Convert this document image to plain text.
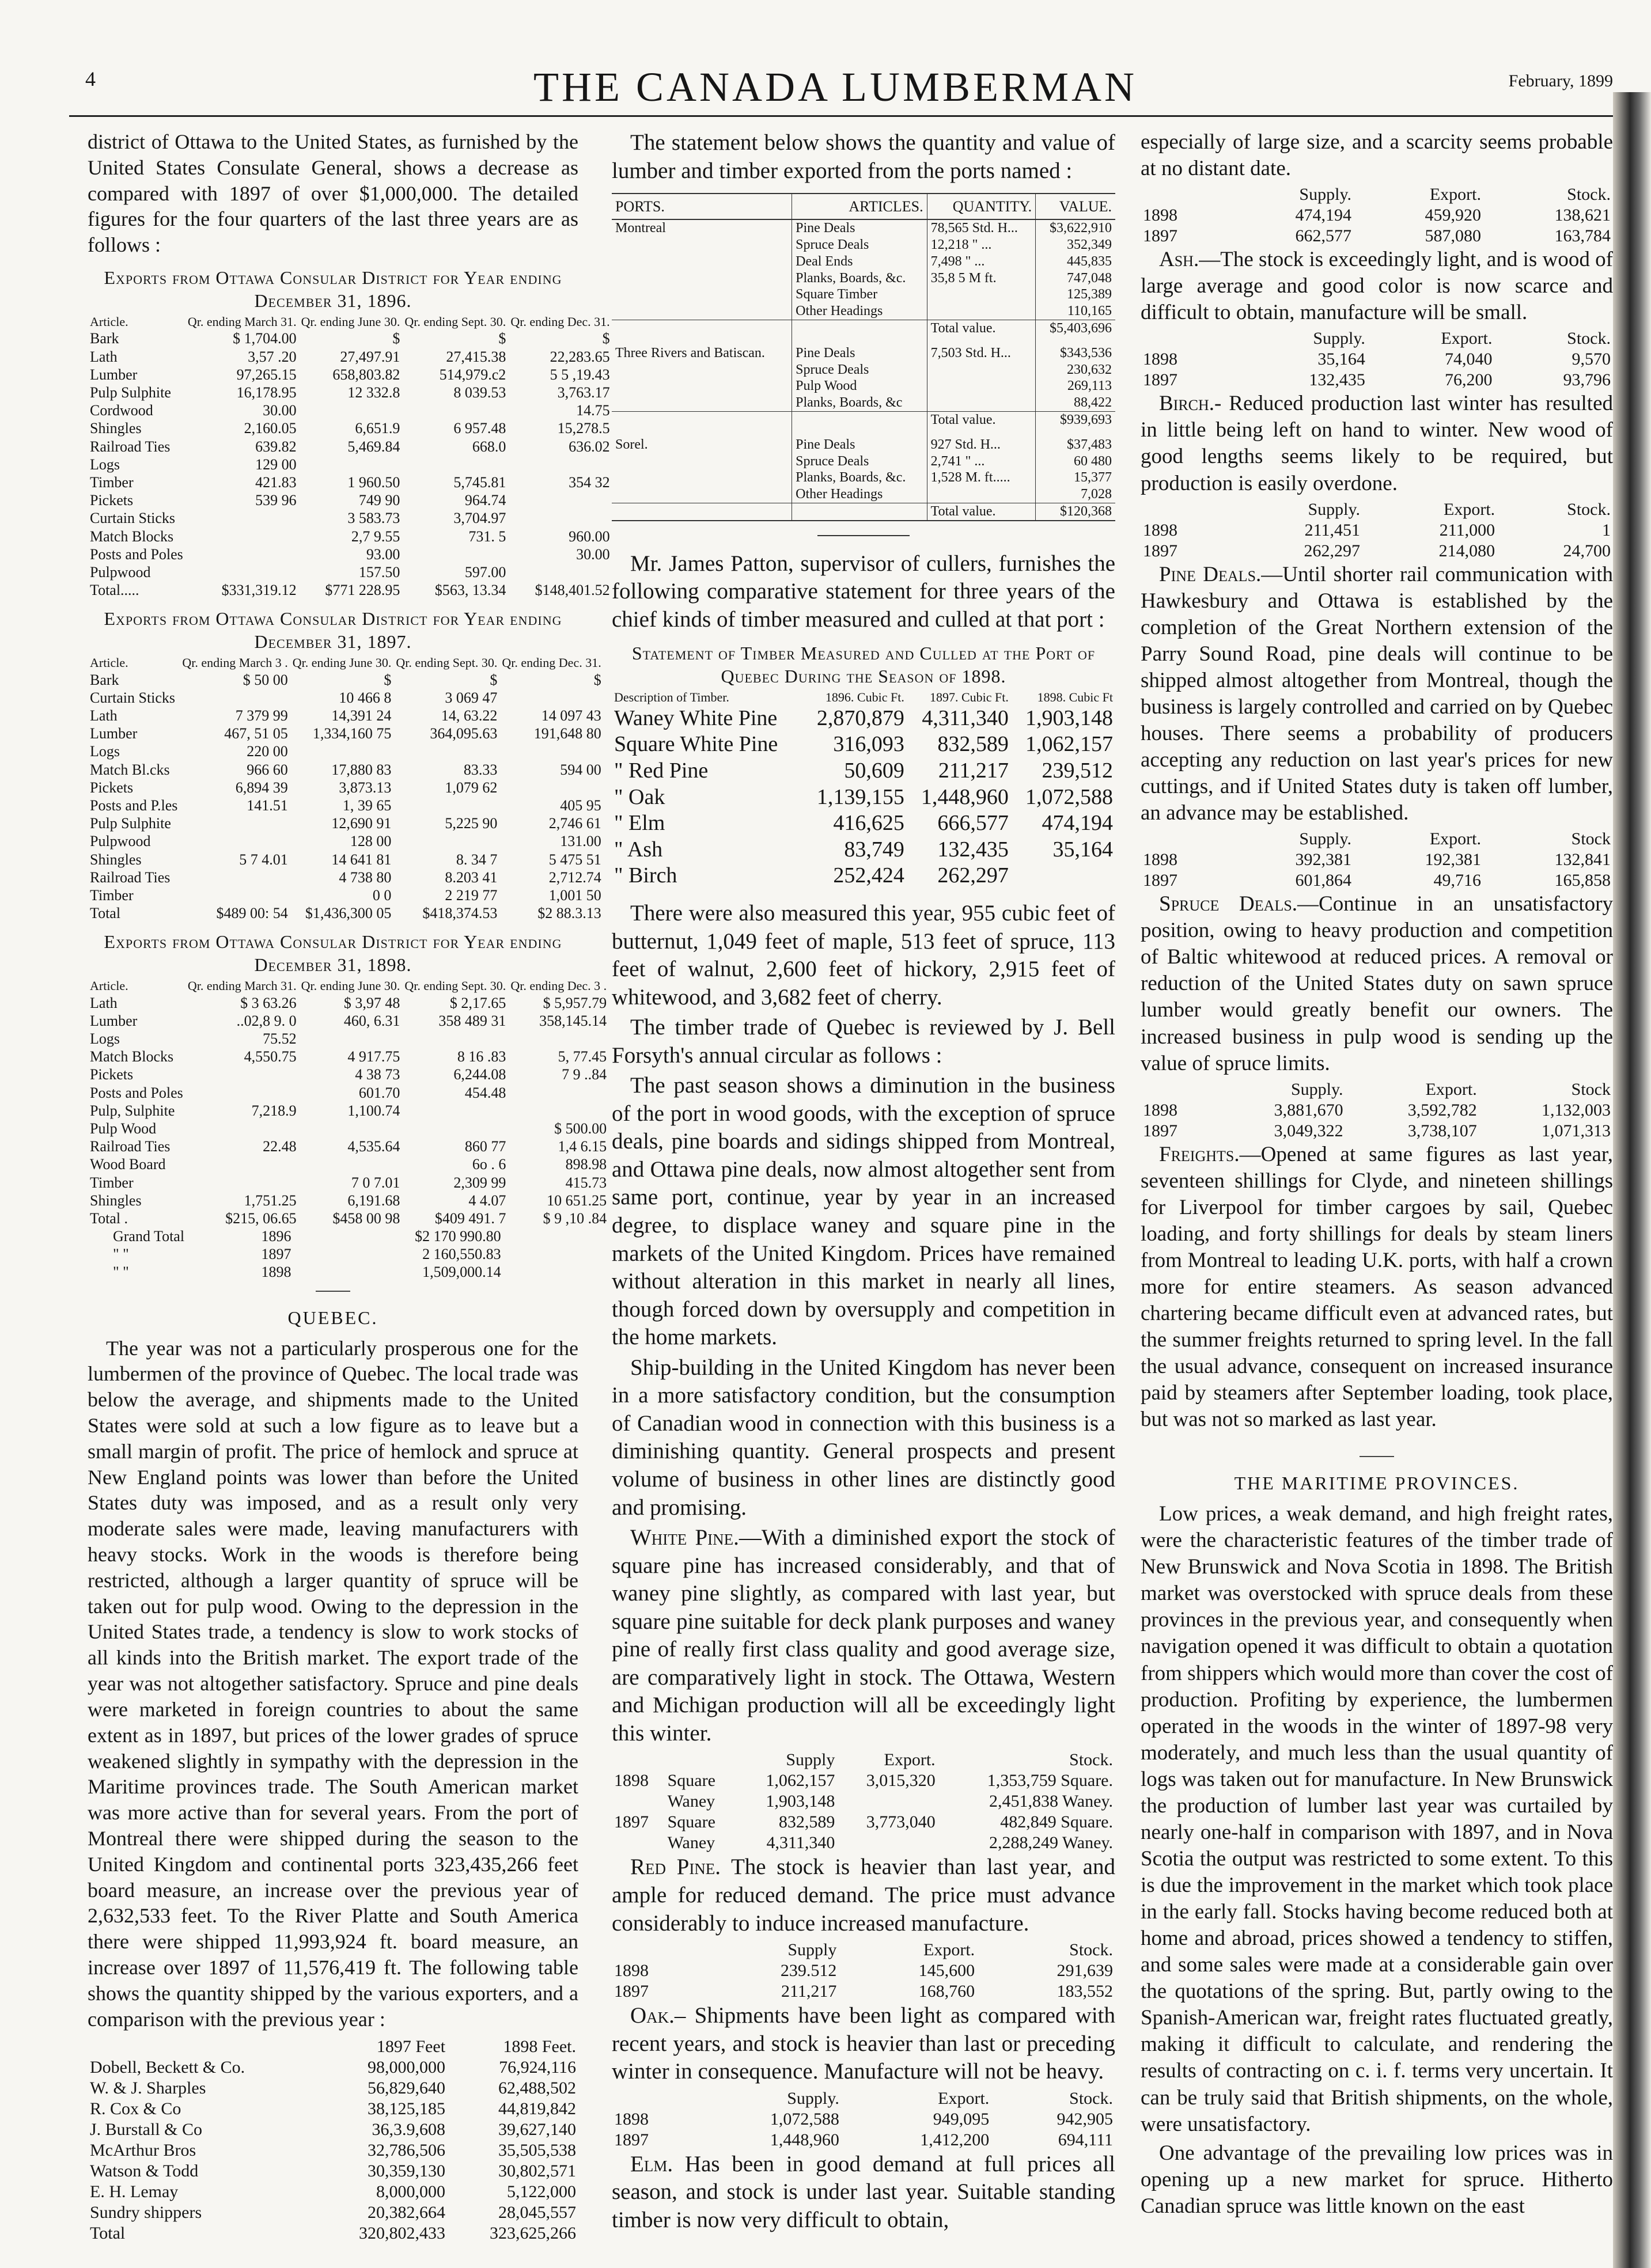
4	THE CANADA LUMBERMAN	February, 1899

district of Ottawa to the United States, as furnished by the United States Consulate General, shows a decrease as compared with 1897 of over $1,000,000. The detailed figures for the four quarters of the last three years are as follows :

Exports from Ottawa Consular District for Year ending December 31, 1896.
Article.	Qr. ending March 31.	Qr. ending June 30.	Qr. ending Sept. 30.	Qr. ending Dec. 31.
Bark	$ 1,704.00	$	$	$
Lath	3,57 .20	27,497.91	27,415.38	22,283.65
Lumber	97,265.15	658,803.82	514,979.c2	5 5 ,19.43
Pulp Sulphite	16,178.95	12 332.8	8 039.53	3,763.17
Cordwood	30.00			14.75
Shingles	2,160.05	6,651.9	6 957.48	15,278.5
Railroad Ties	639.82	5,469.84	668.0	636.02
Logs	129 00			
Timber	421.83	1 960.50	5,745.81	354 32
Pickets	539 96	749 90	964.74	
Curtain Sticks		3 583.73	3,704.97	
Match Blocks		2,7 9.55	731. 5	960.00
Posts and Poles		93.00		30.00
Pulpwood		157.50	597.00	
Total.....	$331,319.12	$771 228.95	$563, 13.34	$148,401.52
Exports from Ottawa Consular District for Year ending December 31, 1897.
Article.	Qr. ending March 3 .	Qr. ending June 30.	Qr. ending Sept. 30.	Qr. ending Dec. 31.
Bark	$ 50 00	$	$	$
Curtain Sticks		10 466 8	3 069 47	
Lath	7 379 99	14,391 24	14, 63.22	14 097 43
Lumber	467, 51 05	1,334,160 75	364,095.63	191,648 80
Logs	220 00			
Match Bl.cks	966 60	17,880 83	83.33	594 00
Pickets	6,894 39	3,873.13	1,079 62	
Posts and P.les	141.51	1, 39 65		405 95
Pulp Sulphite		12,690 91	5,225 90	2,746 61
Pulpwood		128 00		131.00
Shingles	5 7 4.01	14 641 81	8. 34 7	5 475 51
Railroad Ties		4 738 80	8.203 41	2,712.74
Timber		0 0	2 219 77	1,001 50
Total	$489 00: 54	$1,436,300 05	$418,374.53	$2 88.3.13
Exports from Ottawa Consular District for Year ending December 31, 1898.
Article.	Qr. ending March 31.	Qr. ending June 30.	Qr. ending Sept. 30.	Qr. ending Dec. 3 .
Lath	$ 3 63.26	$ 3,97 48	$ 2,17.65	$ 5,957.79
Lumber	..02,8 9. 0	460, 6.31	358 489 31	358,145.14
Logs	75.52			
Match Blocks	4,550.75	4 917.75	8 16 .83	5, 77.45
Pickets		4 38 73	6,244.08	7 9 ..84
Posts and Poles		601.70	454.48	
Pulp, Sulphite	7,218.9	1,100.74		
Pulp Wood				$ 500.00
Railroad Ties	22.48	4,535.64	860 77	1,4 6.15
Wood Board			6o . 6	898.98
Timber		7 0 7.01	2,309 99	415.73
Shingles	1,751.25	6,191.68	4 4.07	10 651.25
Total .	$215, 06.65	$458 00 98	$409 491. 7	$ 9 ,10 .84
Grand Total	1896	$2 170 990.80
" "	1897	2 160,550.83
" "	1898	1,509,000.14
QUEBEC.

The year was not a particularly prosperous one for the lumbermen of the province of Quebec. The local trade was below the average, and shipments made to the United States were sold at such a low figure as to leave but a small margin of profit. The price of hemlock and spruce at New England points was lower than before the United States duty was imposed, and as a result only very moderate sales were made, leaving manufacturers with heavy stocks. Work in the woods is therefore being restricted, although a larger quantity of spruce will be taken out for pulp wood. Owing to the depression in the United States trade, a tendency is slow to work stocks of all kinds into the British market. The export trade of the year was not altogether satisfactory. Spruce and pine deals were marketed in foreign countries to about the same extent as in 1897, but prices of the lower grades of spruce weakened slightly in sympathy with the depression in the Maritime provinces trade. The South American market was more active than for several years. From the port of Montreal there were shipped during the season to the United Kingdom and continental ports 323,435,266 feet board measure, an increase over the previous year of 2,632,533 feet. To the River Platte and South America there were shipped 11,993,924 ft. board measure, an increase over 1897 of 11,576,419 ft. The following table shows the quantity shipped by the various exporters, and a comparison with the previous year :

	1897 Feet	1898 Feet.
Dobell, Beckett & Co.	98,000,000	76,924,116
W. & J. Sharples	56,829,640	62,488,502
R. Cox & Co	38,125,185	44,819,842
J. Burstall & Co	36,3.9,608	39,627,140
McArthur Bros	32,786,506	35,505,538
Watson & Todd	30,359,130	30,802,571
E. H. Lemay	8,000,000	5,122,000
Sundry shippers	20,382,664	28,045,557
Total	320,802,433	323,625,266

The statement below shows the quantity and value of lumber and timber exported from the ports named :

PORTS.	ARTICLES.	QUANTITY.	VALUE.
Montreal	Pine Deals	78,565 Std. H...	$3,622,910
	Spruce Deals	12,218 " ...	352,349
	Deal Ends	7,498 " ...	445,835
	Planks, Boards, &c.	35,8 5 M ft.	747,048
	Square Timber		125,389
	Other Headings		110,165
		Total value.	$5,403,696

Three Rivers and Batiscan.	Pine Deals	7,503 Std. H...	$343,536
	Spruce Deals		230,632
	Pulp Wood		269,113
	Planks, Boards, &c		88,422
		Total value.	$939,693

Sorel.	Pine Deals	927 Std. H...	$37,483
	Spruce Deals	2,741 " ...	60 480
	Planks, Boards, &c.	1,528 M. ft.....	15,377
	Other Headings		7,028
		Total value.	$120,368

Mr. James Patton, supervisor of cullers, furnishes the following comparative statement for three years of the chief kinds of timber measured and culled at that port :

Statement of Timber Measured and Culled at the Port of Quebec During the Season of 1898.
Description of Timber.	1896. Cubic Ft.	1897. Cubic Ft.	1898. Cubic Ft
Waney White Pine	2,870,879	4,311,340	1,903,148
Square White Pine	316,093	832,589	1,062,157
" Red Pine	50,609	211,217	239,512
" Oak	1,139,155	1,448,960	1,072,588
" Elm	416,625	666,577	474,194
" Ash	83,749	132,435	35,164
" Birch	252,424	262,297	

There were also measured this year, 955 cubic feet of butternut, 1,049 feet of maple, 513 feet of spruce, 113 feet of walnut, 2,600 feet of hickory, 2,915 feet of whitewood, and 3,682 feet of cherry.

The timber trade of Quebec is reviewed by J. Bell Forsyth's annual circular as follows :

The past season shows a diminution in the business of the port in wood goods, with the exception of spruce deals, pine boards and sidings shipped from Montreal, and Ottawa pine deals, now almost altogether sent from same port, continue, year by year in an increased degree, to displace waney and square pine in the markets of the United Kingdom. Prices have remained without alteration in this market in nearly all lines, though forced down by oversupply and competition in the home markets.

Ship-building in the United Kingdom has never been in a more satisfactory condition, but the consumption of Canadian wood in connection with this business is a diminishing quantity. General prospects and present volume of business in other lines are distinctly good and promising.

White Pine.—With a diminished export the stock of square pine has increased considerably, and that of waney pine slightly, as compared with last year, but square pine suitable for deck plank purposes and waney pine of really first class quality and good average size, are comparatively light in stock. The Ottawa, Western and Michigan production will all be exceedingly light this winter.

		Supply	Export.	Stock.
1898	Square	1,062,157	3,015,320	1,353,759 Square.
	Waney	1,903,148		2,451,838 Waney.
1897	Square	832,589	3,773,040	482,849 Square.
	Waney	4,311,340		2,288,249 Waney.

Red Pine. The stock is heavier than last year, and ample for reduced demand. The price must advance considerably to induce increased manufacture.

	Supply	Export.	Stock.
1898	239.512	145,600	291,639
1897	211,217	168,760	183,552

Oak.– Shipments have been light as compared with recent years, and stock is heavier than last or preceding winter in consequence. Manufacture will not be heavy.

	Supply.	Export.	Stock.
1898	1,072,588	949,095	942,905
1897	1,448,960	1,412,200	694,111

Elm. Has been in good demand at full prices all season, and stock is under last year. Suitable standing timber is now very difficult to obtain,

especially of large size, and a scarcity seems probable at no distant date.

	Supply.	Export.	Stock.
1898	474,194	459,920	138,621
1897	662,577	587,080	163,784

Ash.—The stock is exceedingly light, and is wood of large average and good color is now scarce and difficult to obtain, manufacture will be small.

	Supply.	Export.	Stock.
1898	35,164	74,040	9,570
1897	132,435	76,200	93,796

Birch.- Reduced production last winter has resulted in little being left on hand to winter. New wood of good lengths seems likely to be required, but production is easily overdone.

	Supply.	Export.	Stock.
1898	211,451	211,000	1
1897	262,297	214,080	24,700

Pine Deals.—Until shorter rail communication with Hawkesbury and Ottawa is established by the completion of the Great Northern extension of the Parry Sound Road, pine deals will continue to be shipped almost altogether from Montreal, though the business is largely controlled and carried on by Quebec houses. There seems a probability of producers accepting any reduction on last year's prices for new cuttings, and if United States duty is taken off lumber, an advance may be established.

	Supply.	Export.	Stock
1898	392,381	192,381	132,841
1897	601,864	49,716	165,858

Spruce Deals.—Continue in an unsatisfactory position, owing to heavy production and competition of Baltic whitewood at reduced prices. A removal or reduction of the United States duty on sawn spruce lumber would greatly benefit our owners. The increased business in pulp wood is sending up the value of spruce limits.

	Supply.	Export.	Stock
1898	3,881,670	3,592,782	1,132,003
1897	3,049,322	3,738,107	1,071,313

Freights.—Opened at same figures as last year, seventeen shillings for Clyde, and nineteen shillings for Liverpool for timber cargoes by sail, Quebec loading, and forty shillings for deals by steam liners from Montreal to leading U.K. ports, with half a crown more for entire steamers. As season advanced chartering became difficult even at advanced rates, but the summer freights returned to spring level. In the fall the usual advance, consequent on increased insurance paid by steamers after September loading, took place, but was not so marked as last year.

THE MARITIME PROVINCES.

Low prices, a weak demand, and high freight rates, were the characteristic features of the timber trade of New Brunswick and Nova Scotia in 1898. The British market was overstocked with spruce deals from these provinces in the previous year, and consequently when navigation opened it was difficult to obtain a quotation from shippers which would more than cover the cost of production. Profiting by experience, the lumbermen operated in the woods in the winter of 1897-98 very moderately, and much less than the usual quantity of logs was taken out for manufacture. In New Brunswick the production of lumber last year was curtailed by nearly one-half in comparison with 1897, and in Nova Scotia the output was restricted to some extent. To this is due the improvement in the market which took place in the early fall. Stocks having become reduced both at home and abroad, prices showed a tendency to stiffen, and some sales were made at a considerable gain over the quotations of the spring. But, partly owing to the Spanish-American war, freight rates fluctuated greatly, making it difficult to calculate, and rendering the results of contracting on c. i. f. terms very uncertain. It can be truly said that British shipments, on the whole, were unsatisfactory.

One advantage of the prevailing low prices was in opening up a new market for spruce. Hitherto Canadian spruce was little known on the east
